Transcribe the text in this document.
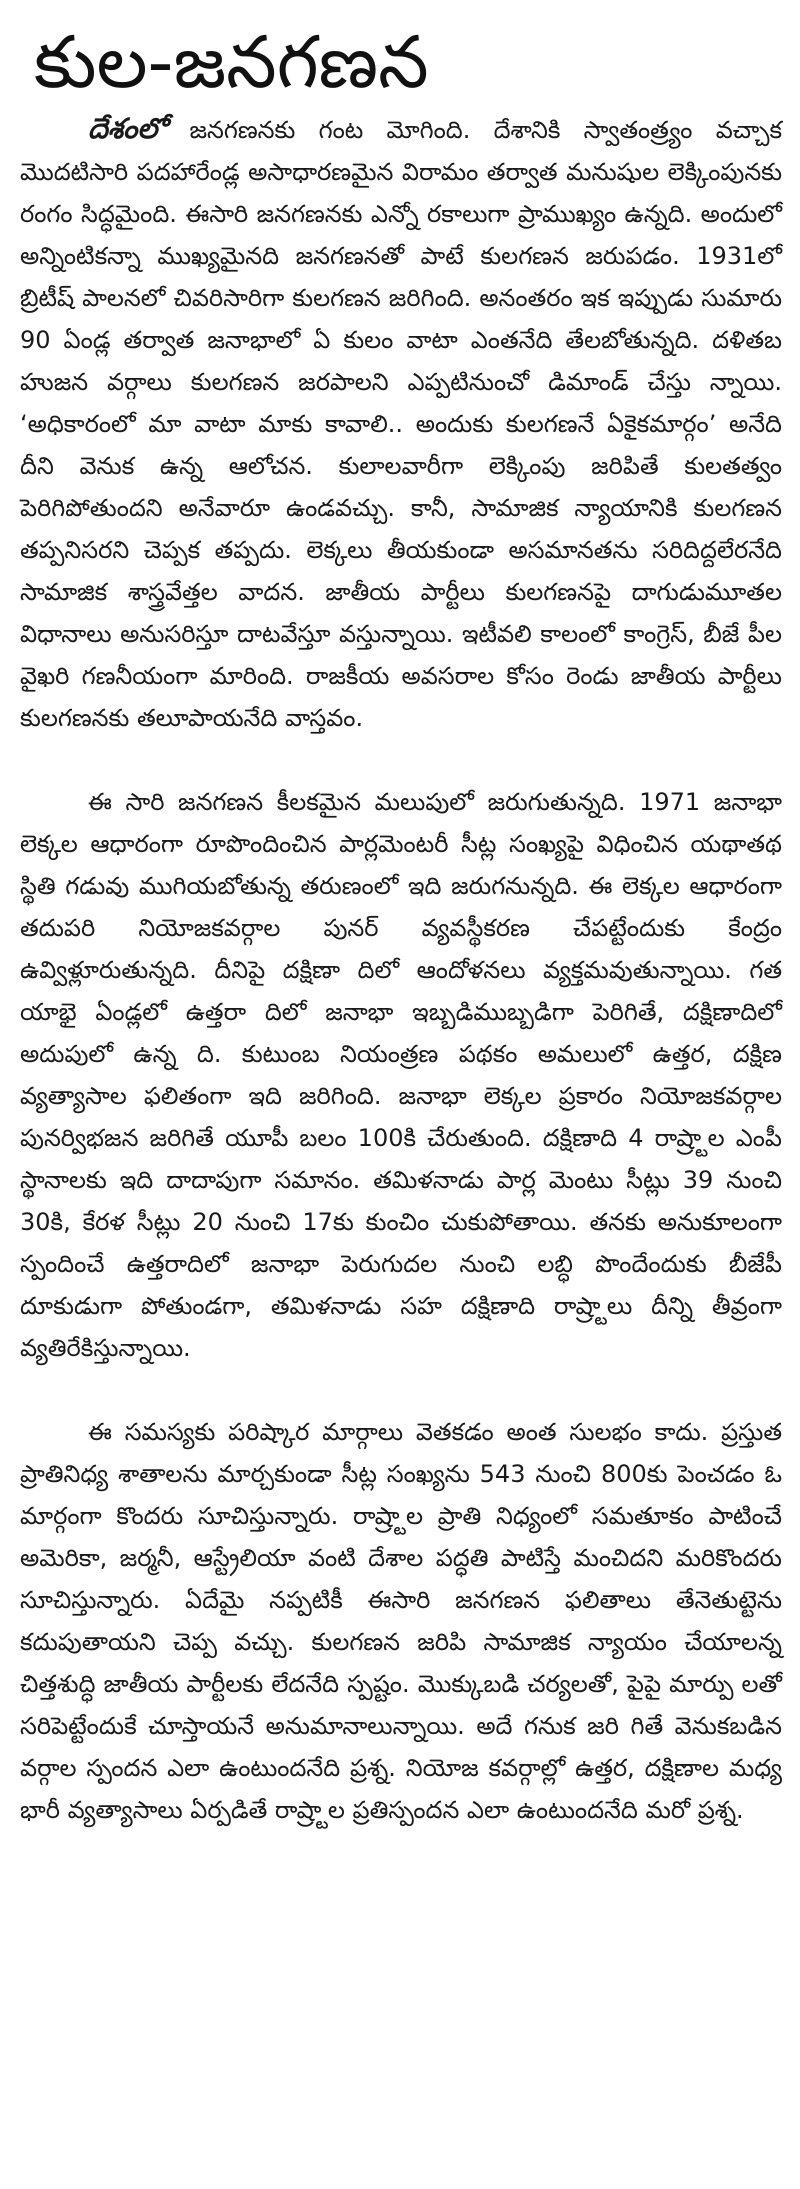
కుల-జనగణన

దేశంలో జనగణనకు గంట మోగింది. దేశానికి స్వాతంత్ర్యం వచ్చాక మొదటిసారి పదహారేండ్ల అసాధారణమైన విరామం తర్వాత మనుషుల లెక్కింపునకు రంగం సిద్ధమైంది. ఈసారి జనగణనకు ఎన్నో రకాలుగా ప్రాముఖ్యం ఉన్నది. అందులో అన్నింటికన్నా ముఖ్యమైనది జనగణనతో పాటే కులగణన జరుపడం. 1931లో బ్రిటీష్ పాలనలో చివరిసారిగా కులగణన జరిగింది. అనంతరం ఇక ఇప్పుడు సుమారు 90 ఏండ్ల తర్వాత జనాభాలో ఏ కులం వాటా ఎంతనేది తేలబోతున్నది. దళితబ హుజన వర్గాలు కులగణన జరపాలని ఎప్పటినుంచో డిమాండ్ చేస్తు న్నాయి. ‘అధికారంలో మా వాటా మాకు కావాలి.. అందుకు కులగణనే ఏకైకమార్గం’ అనేది దీని వెనుక ఉన్న ఆలోచన. కులాలవారీగా లెక్కింపు జరిపితే కులతత్వం పెరిగిపోతుందని అనేవారూ ఉండవచ్చు. కానీ, సామాజిక న్యాయానికి కులగణన తప్పనిసరని చెప్పక తప్పదు. లెక్కలు తీయకుండా అసమానతను సరిదిద్దలేరనేది సామాజిక శాస్త్రవేత్తల వాదన. జాతీయ పార్టీలు కులగణనపై దాగుడుమూతల విధానాలు అనుసరిస్తూ దాటవేస్తూ వస్తున్నాయి. ఇటీవలి కాలంలో కాంగ్రెస్, బీజే పీల వైఖరి గణనీయంగా మారింది. రాజకీయ అవసరాల కోసం రెండు జాతీయ పార్టీలు కులగణనకు తలూపాయనేది వాస్తవం.

ఈ సారి జనగణన కీలకమైన మలుపులో జరుగుతున్నది. 1971 జనాభా లెక్కల ఆధారంగా రూపొందించిన పార్లమెంటరీ సీట్ల సంఖ్యపై విధించిన యథాతథ స్థితి గడువు ముగియబోతున్న తరుణంలో ఇది జరుగనున్నది. ఈ లెక్కల ఆధారంగా తదుపరి నియోజకవర్గాల పునర్ వ్యవస్థీకరణ చేపట్టేందుకు కేంద్రం ఉవ్విళ్లూరుతున్నది. దీనిపై దక్షిణా దిలో ఆందోళనలు వ్యక్తమవుతున్నాయి. గత యాభై ఏండ్లలో ఉత్తరా దిలో జనాభా ఇబ్బడిముబ్బడిగా పెరిగితే, దక్షిణాదిలో అదుపులో ఉన్న ది. కుటుంబ నియంత్రణ పథకం అమలులో ఉత్తర, దక్షిణ వ్యత్యాసాల ఫలితంగా ఇది జరిగింది. జనాభా లెక్కల ప్రకారం నియోజకవర్గాల పునర్విభజన జరిగితే యూపీ బలం 100కి చేరుతుంది. దక్షిణాది 4 రాష్ర్టాల ఎంపీ స్థానాలకు ఇది దాదాపుగా సమానం. తమిళనాడు పార్ల మెంటు సీట్లు 39 నుంచి 30కి, కేరళ సీట్లు 20 నుంచి 17కు కుంచిం చుకుపోతాయి. తనకు అనుకూలంగా స్పందించే ఉత్తరాదిలో జనాభా పెరుగుదల నుంచి లబ్ధి పొందేందుకు బీజేపీ దూకుడుగా పోతుండగా, తమిళనాడు సహ దక్షిణాది రాష్ర్టాలు దీన్ని తీవ్రంగా వ్యతిరేకిస్తున్నాయి.

ఈ సమస్యకు పరిష్కార మార్గాలు వెతకడం అంత సులభం కాదు. ప్రస్తుత ప్రాతినిధ్య శాతాలను మార్చకుండా సీట్ల సంఖ్యను 543 నుంచి 800కు పెంచడం ఓ మార్గంగా కొందరు సూచిస్తున్నారు. రాష్ర్టాల ప్రాతి నిధ్యంలో సమతూకం పాటించే అమెరికా, జర్మనీ, ఆస్ట్రేలియా వంటి దేశాల పద్ధతి పాటిస్తే మంచిదని మరికొందరు సూచిస్తున్నారు. ఏదేమై నప్పటికీ ఈసారి జనగణన ఫలితాలు తేనెతుట్టెను కదుపుతాయని చెప్ప వచ్చు. కులగణన జరిపి సామాజిక న్యాయం చేయాలన్న చిత్తశుద్ధి జాతీయ పార్టీలకు లేదనేది స్పష్టం. మొక్కుబడి చర్యలతో, పైపై మార్పు లతో సరిపెట్టేందుకే చూస్తాయనే అనుమానాలున్నాయి. అదే గనుక జరి గితే వెనుకబడిన వర్గాల స్పందన ఎలా ఉంటుందనేది ప్రశ్న. నియోజ కవర్గాల్లో ఉత్తర, దక్షిణాల మధ్య భారీ వ్యత్యాసాలు ఏర్పడితే రాష్ర్టాల ప్రతిస్పందన ఎలా ఉంటుందనేది మరో ప్రశ్న.
